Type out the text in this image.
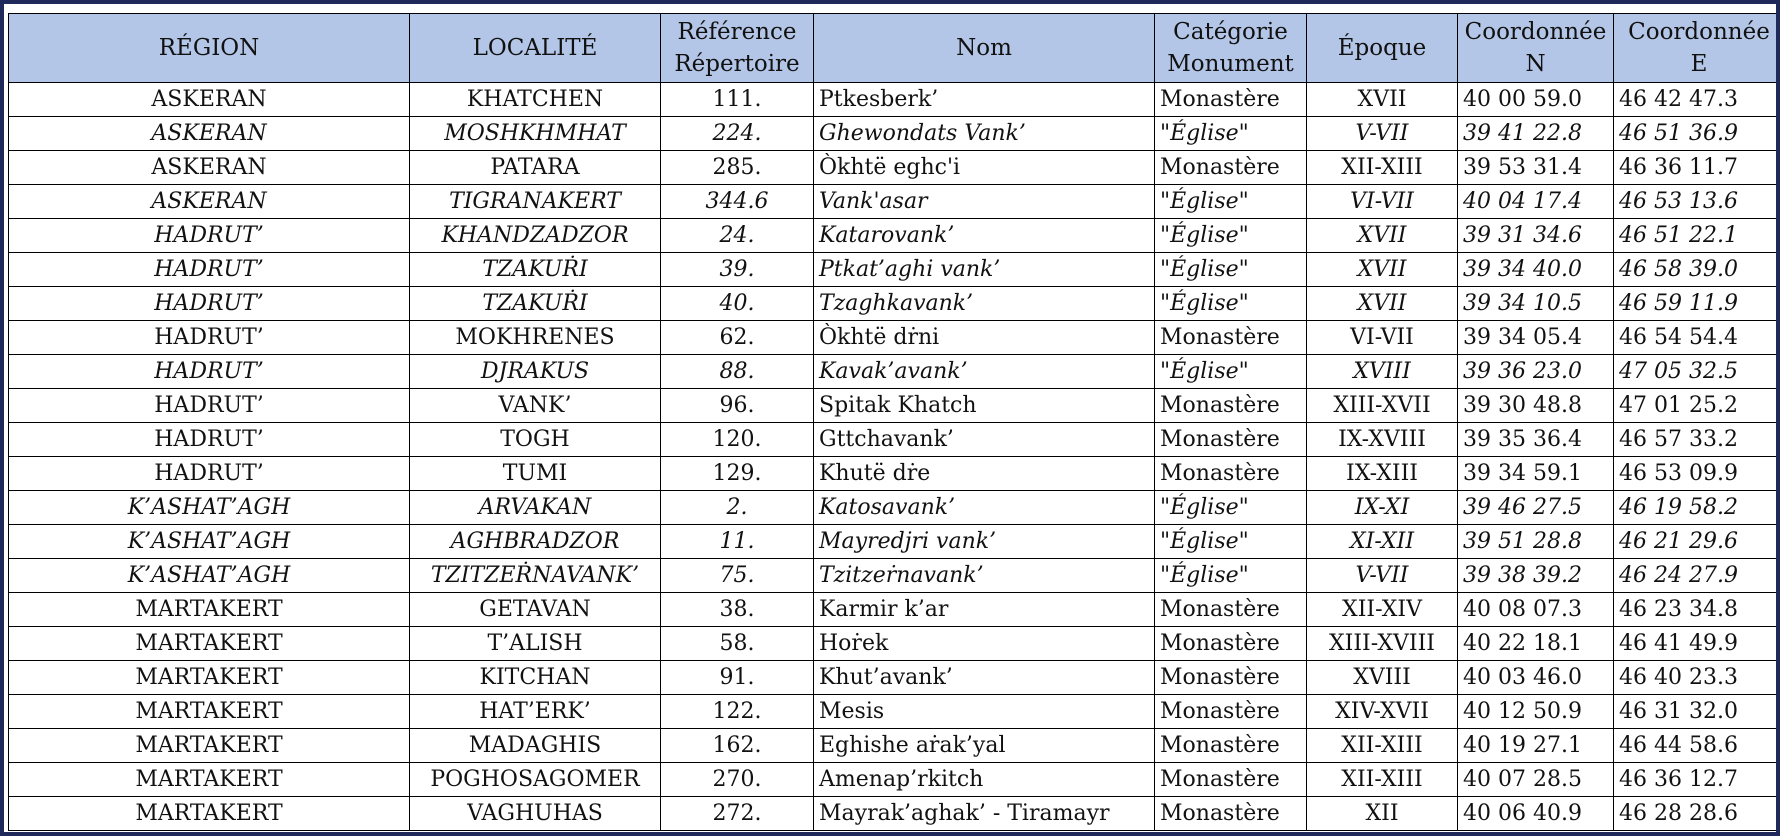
RÉGION	LOCALITÉ	Référence Répertoire	Nom	Catégorie Monument	Époque	Coordonnée N	Coordonnée E
ASKERAN	KHATCHEN	111.	Ptkesberk’	Monastère	XVII	40 00 59.0	46 42 47.3
ASKERAN	MOSHKHMHAT	224.	Ghewondats Vank’	"Église"	V-VII	39 41 22.8	46 51 36.9
ASKERAN	PATARA	285.	Òkhtë eghc'i	Monastère	XII-XIII	39 53 31.4	46 36 11.7
ASKERAN	TIGRANAKERT	344.6	Vank'asar	"Église"	VI-VII	40 04 17.4	46 53 13.6
HADRUT’	KHANDZADZOR	24.	Katarovank’	"Église"	XVII	39 31 34.6	46 51 22.1
HADRUT’	TZAKUṘI	39.	Ptkat’aghi vank’	"Église"	XVII	39 34 40.0	46 58 39.0
HADRUT’	TZAKUṘI	40.	Tzaghkavank’	"Église"	XVII	39 34 10.5	46 59 11.9
HADRUT’	MOKHRENES	62.	Òkhtë dṙni	Monastère	VI-VII	39 34 05.4	46 54 54.4
HADRUT’	DJRAKUS	88.	Kavak’avank’	"Église"	XVIII	39 36 23.0	47 05 32.5
HADRUT’	VANK’	96.	Spitak Khatch	Monastère	XIII-XVII	39 30 48.8	47 01 25.2
HADRUT’	TOGH	120.	Gttchavank’	Monastère	IX-XVIII	39 35 36.4	46 57 33.2
HADRUT’	TUMI	129.	Khutë dṙe	Monastère	IX-XIII	39 34 59.1	46 53 09.9
K’ASHAT’AGH	ARVAKAN	2.	Katosavank’	"Église"	IX-XI	39 46 27.5	46 19 58.2
K’ASHAT’AGH	AGHBRADZOR	11.	Mayredjri vank’	"Église"	XI-XII	39 51 28.8	46 21 29.6
K’ASHAT’AGH	TZITZEṘNAVANK’	75.	Tzitzeṙnavank’	"Église"	V-VII	39 38 39.2	46 24 27.9
MARTAKERT	GETAVAN	38.	Karmir k’ar	Monastère	XII-XIV	40 08 07.3	46 23 34.8
MARTAKERT	T’ALISH	58.	Hoṙek	Monastère	XIII-XVIII	40 22 18.1	46 41 49.9
MARTAKERT	KITCHAN	91.	Khut’avank’	Monastère	XVIII	40 03 46.0	46 40 23.3
MARTAKERT	HAT’ERK’	122.	Mesis	Monastère	XIV-XVII	40 12 50.9	46 31 32.0
MARTAKERT	MADAGHIS	162.	Eghishe aṙak’yal	Monastère	XII-XIII	40 19 27.1	46 44 58.6
MARTAKERT	POGHOSAGOMER	270.	Amenap’rkitch	Monastère	XII-XIII	40 07 28.5	46 36 12.7
MARTAKERT	VAGHUHAS	272.	Mayrak’aghak’ - Tiramayr	Monastère	XII	40 06 40.9	46 28 28.6
